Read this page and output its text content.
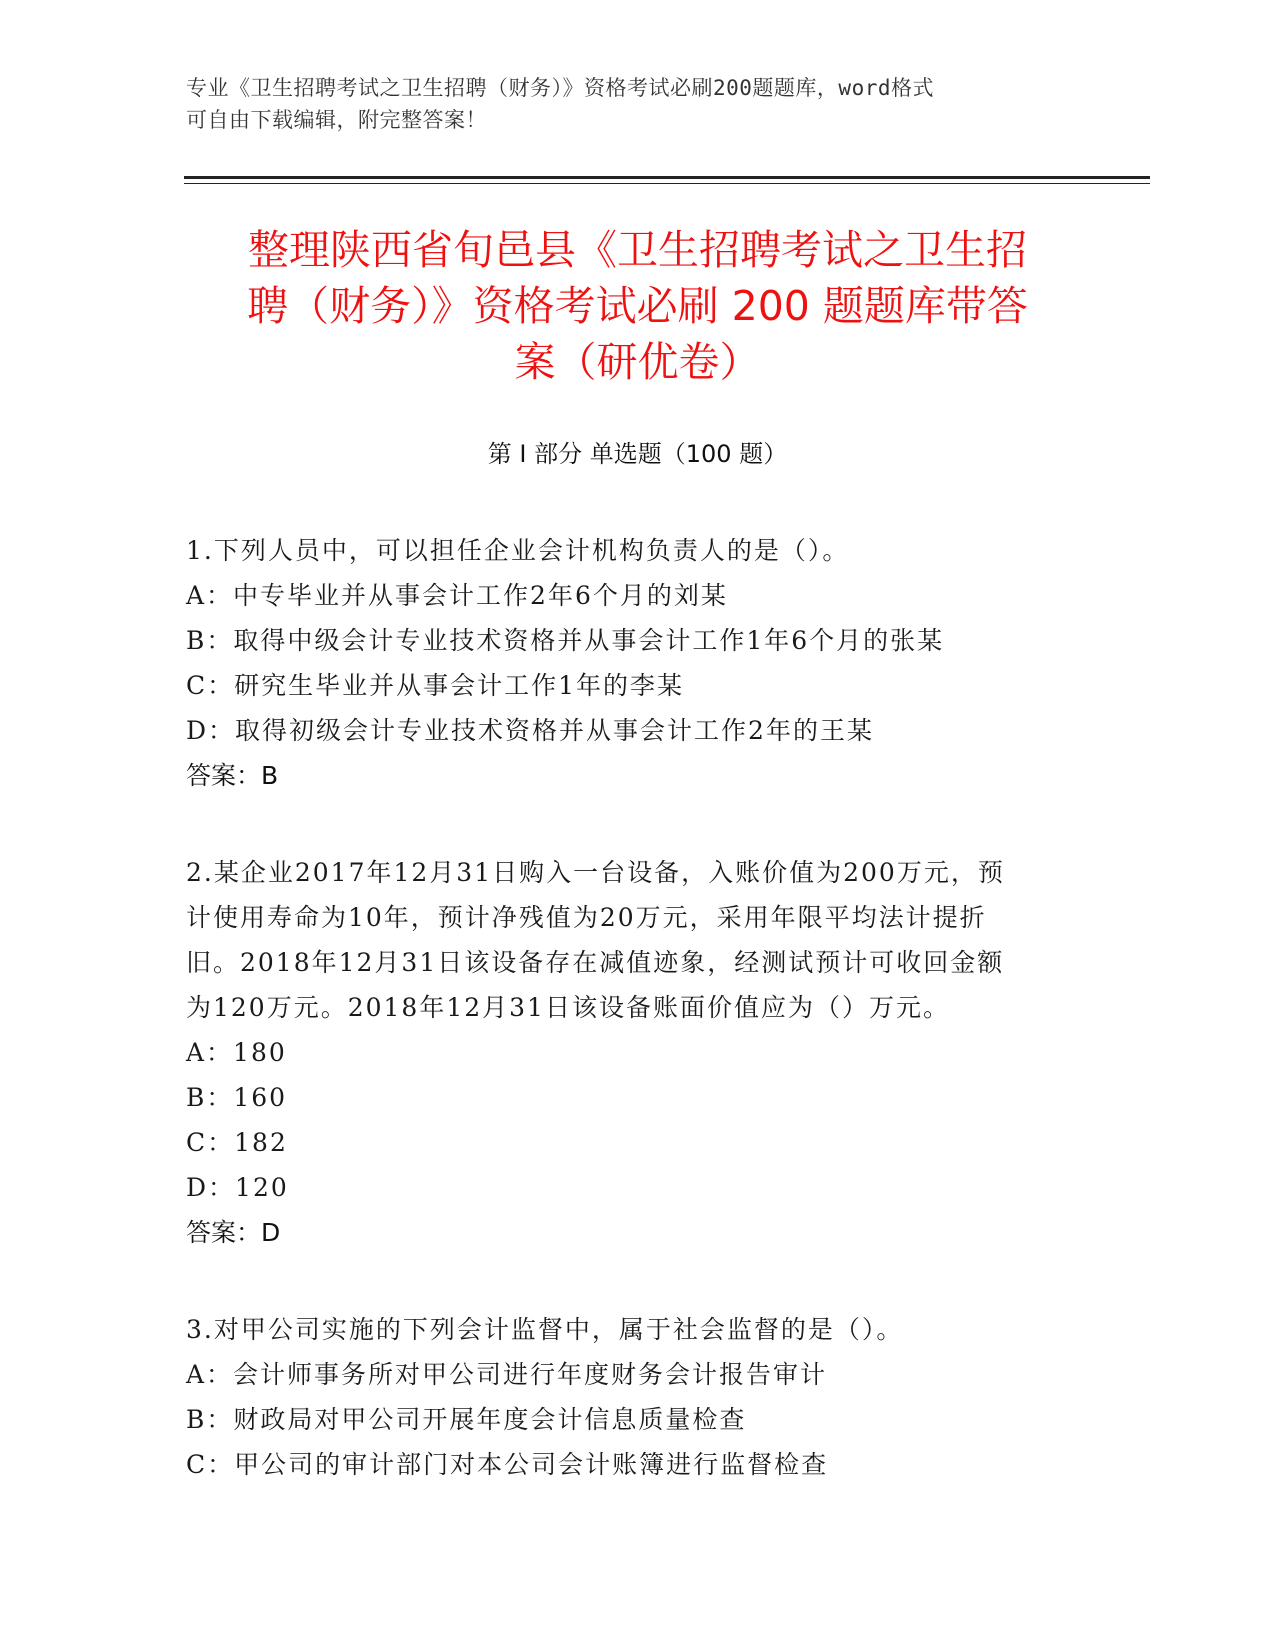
专业《卫生招聘考试之卫生招聘（财务）》资格考试必刷200题题库，word格式

可自由下载编辑，附完整答案！

整理陕西省旬邑县《卫生招聘考试之卫生招
聘（财务）》资格考试必刷 200 题题库带答
案（研优卷）
第 I 部分 单选题（100 题）

1.下列人员中，可以担任企业会计机构负责人的是（）。

A：中专毕业并从事会计工作2年6个月的刘某

B：取得中级会计专业技术资格并从事会计工作1年6个月的张某

C：研究生毕业并从事会计工作1年的李某

D：取得初级会计专业技术资格并从事会计工作2年的王某

答案：B

2.某企业2017年12月31日购入一台设备，入账价值为200万元，预

计使用寿命为10年，预计净残值为20万元，采用年限平均法计提折

旧。2018年12月31日该设备存在减值迹象，经测试预计可收回金额

为120万元。2018年12月31日该设备账面价值应为（）万元。

A：180

B：160

C：182

D：120

答案：D

3.对甲公司实施的下列会计监督中，属于社会监督的是（）。

A：会计师事务所对甲公司进行年度财务会计报告审计

B：财政局对甲公司开展年度会计信息质量检查

C：甲公司的审计部门对本公司会计账簿进行监督检查
